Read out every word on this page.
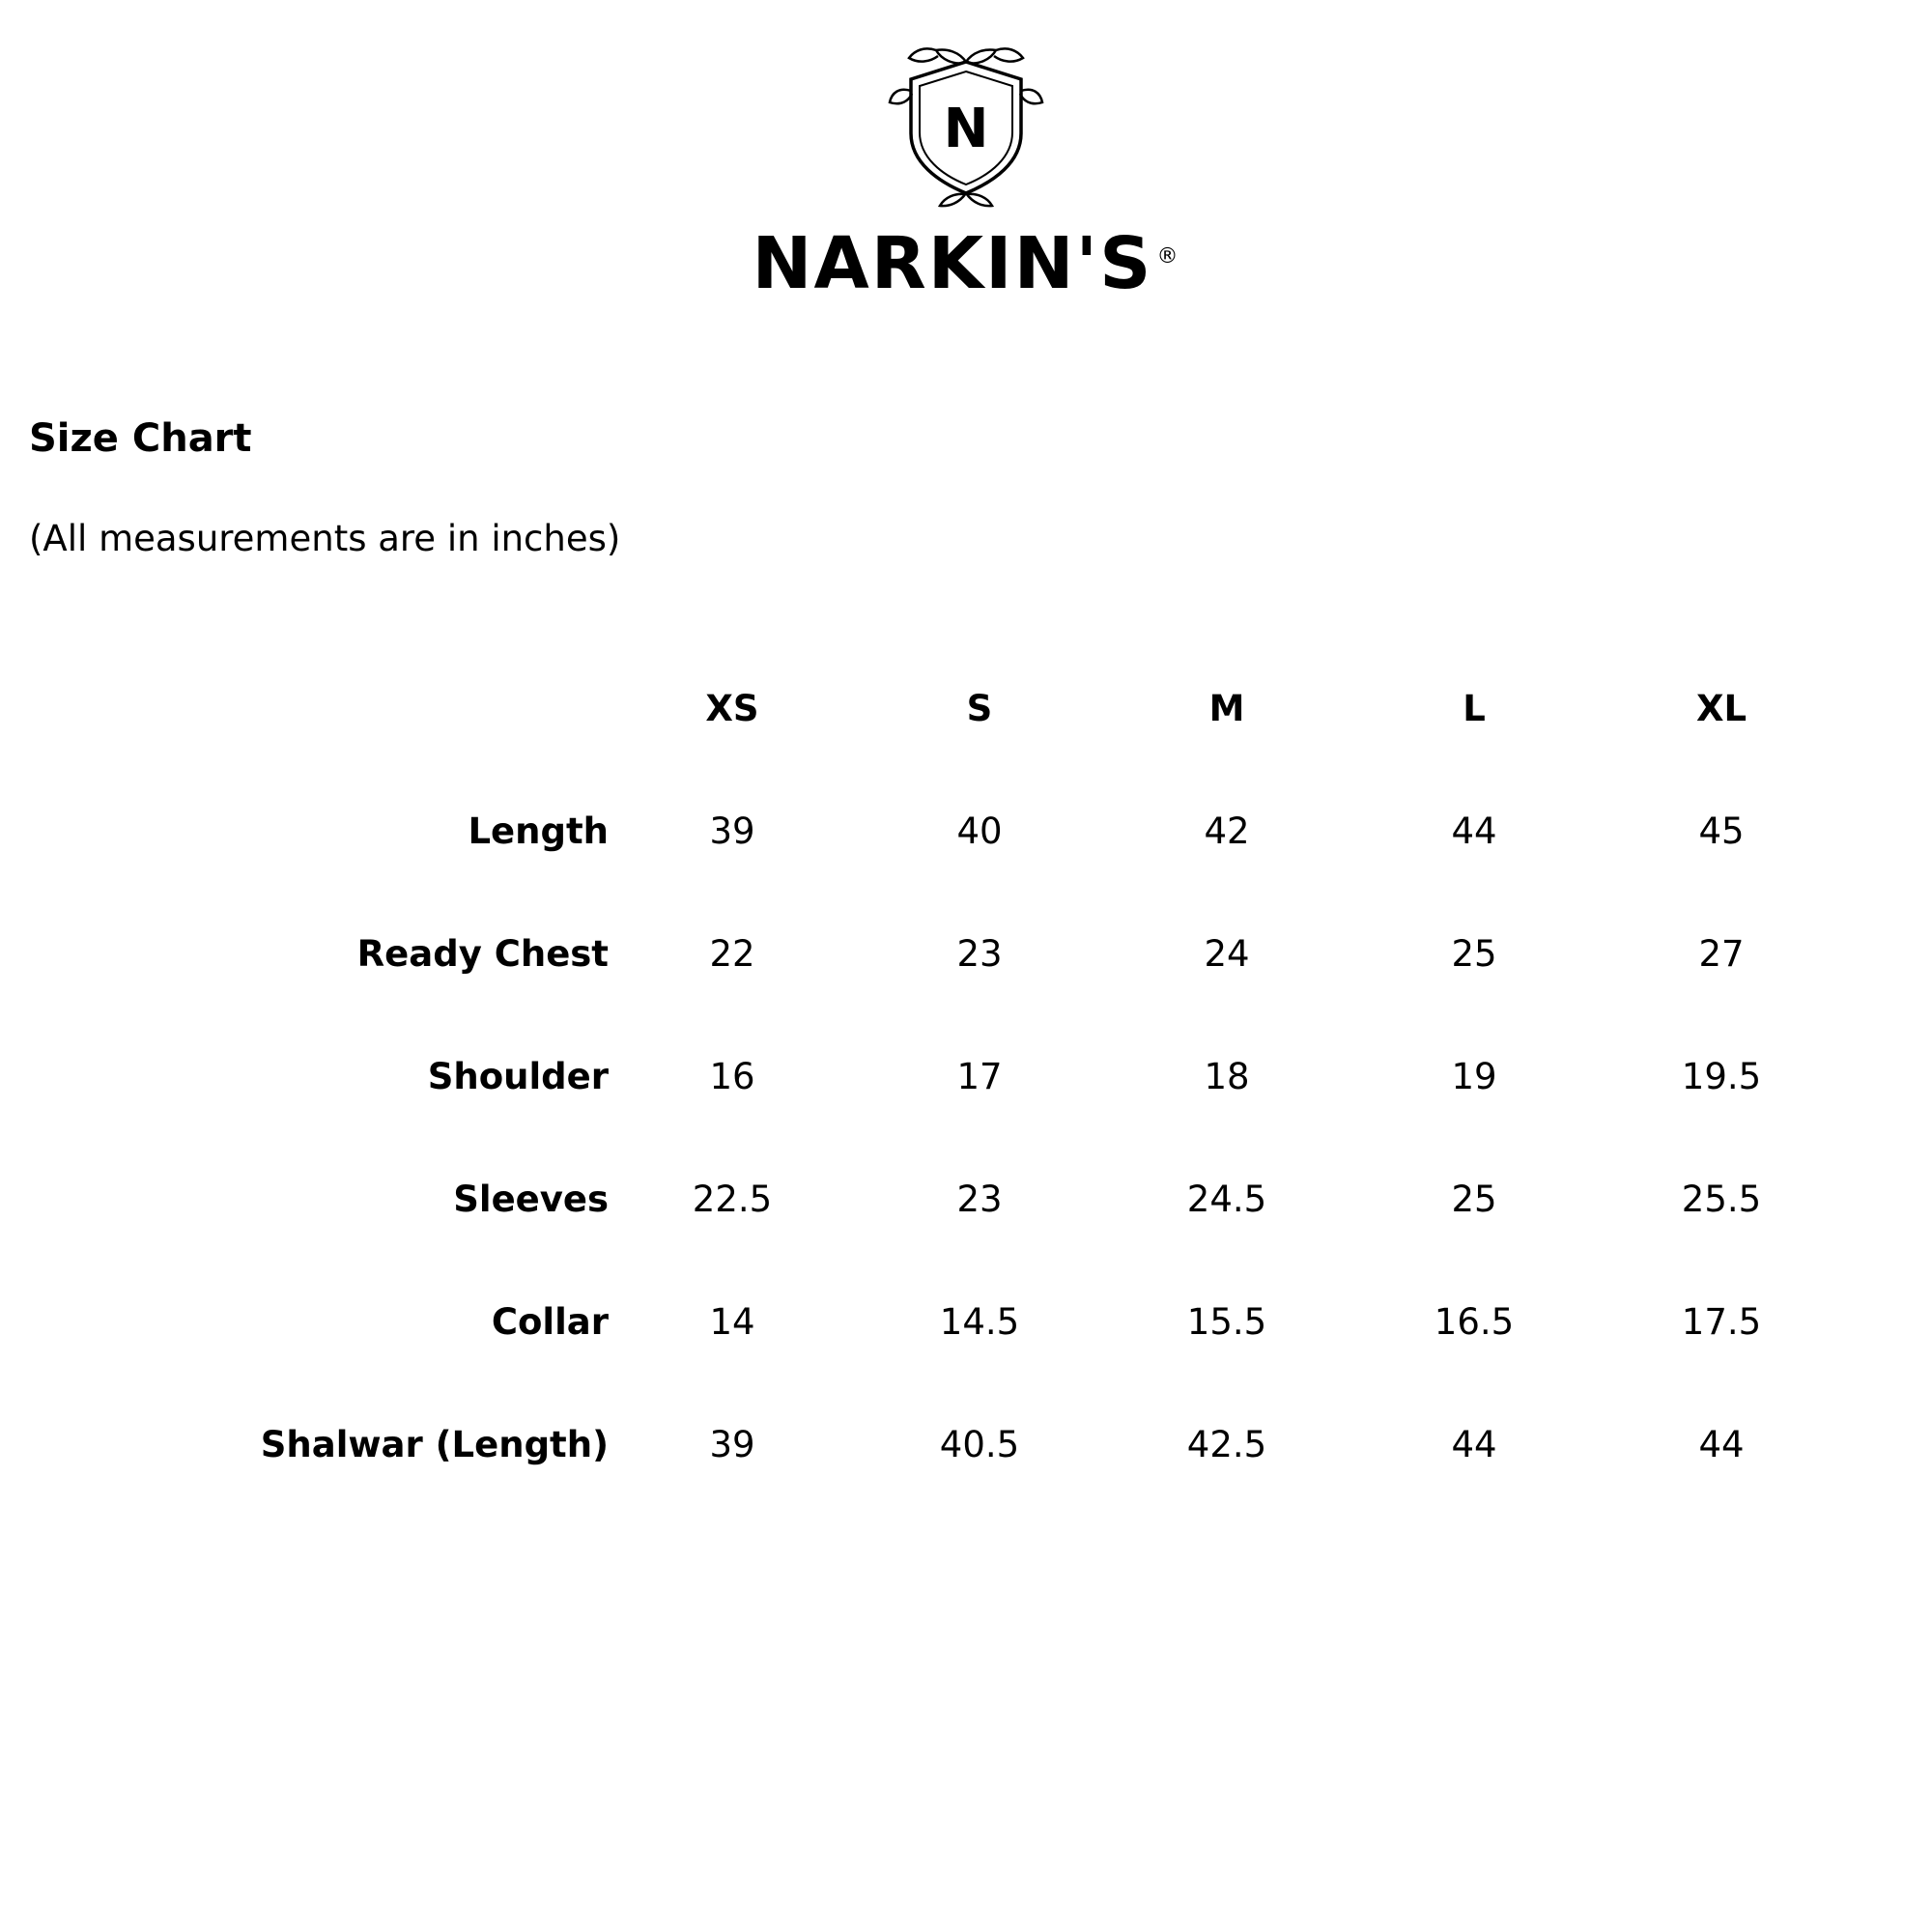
N
NARKIN'S ®
Size Chart
(All measurements are in inches)
	XS	S	M	L	XL
Length	39	40	42	44	45
Ready Chest	22	23	24	25	27
Shoulder	16	17	18	19	19.5
Sleeves	22.5	23	24.5	25	25.5
Collar	14	14.5	15.5	16.5	17.5
Shalwar (Length)	39	40.5	42.5	44	44
